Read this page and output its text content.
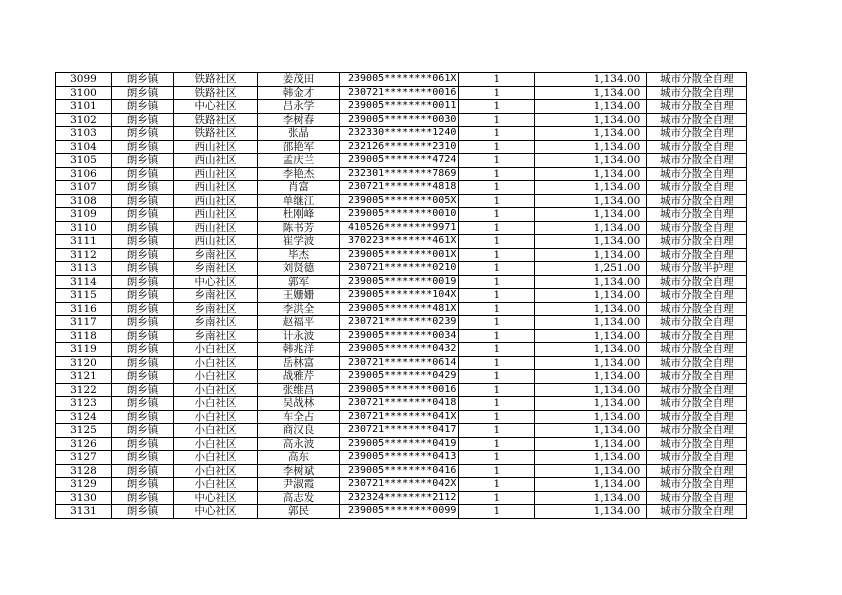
3099	朗乡镇	铁路社区	姜茂田	239005********061X	1	1,134.00	城市分散全自理
3100	朗乡镇	铁路社区	韩金才	230721********0016	1	1,134.00	城市分散全自理
3101	朗乡镇	中心社区	吕永学	239005********0011	1	1,134.00	城市分散全自理
3102	朗乡镇	铁路社区	李树春	239005********0030	1	1,134.00	城市分散全自理
3103	朗乡镇	铁路社区	张晶	232330********1240	1	1,134.00	城市分散全自理
3104	朗乡镇	西山社区	邵艳军	232126********2310	1	1,134.00	城市分散全自理
3105	朗乡镇	西山社区	孟庆兰	239005********4724	1	1,134.00	城市分散全自理
3106	朗乡镇	西山社区	李艳杰	232301********7869	1	1,134.00	城市分散全自理
3107	朗乡镇	西山社区	肖富	230721********4818	1	1,134.00	城市分散全自理
3108	朗乡镇	西山社区	单继江	239005********005X	1	1,134.00	城市分散全自理
3109	朗乡镇	西山社区	杜刚峰	239005********0010	1	1,134.00	城市分散全自理
3110	朗乡镇	西山社区	陈书芳	410526********9971	1	1,134.00	城市分散全自理
3111	朗乡镇	西山社区	崔学波	370223********461X	1	1,134.00	城市分散全自理
3112	朗乡镇	乡南社区	毕杰	239005********001X	1	1,134.00	城市分散全自理
3113	朗乡镇	乡南社区	刘贤德	230721********0210	1	1,251.00	城市分散半护理
3114	朗乡镇	中心社区	郭军	239005********0019	1	1,134.00	城市分散全自理
3115	朗乡镇	乡南社区	王姗姗	239005********104X	1	1,134.00	城市分散全自理
3116	朗乡镇	乡南社区	李洪全	239005********481X	1	1,134.00	城市分散全自理
3117	朗乡镇	乡南社区	赵福平	230721********0239	1	1,134.00	城市分散全自理
3118	朗乡镇	乡南社区	计永波	239005********0034	1	1,134.00	城市分散全自理
3119	朗乡镇	小白社区	韩兆洋	239005********0432	1	1,134.00	城市分散全自理
3120	朗乡镇	小白社区	岳林富	230721********0614	1	1,134.00	城市分散全自理
3121	朗乡镇	小白社区	战雅芹	239005********0429	1	1,134.00	城市分散全自理
3122	朗乡镇	小白社区	张维昌	239005********0016	1	1,134.00	城市分散全自理
3123	朗乡镇	小白社区	吴战林	230721********0418	1	1,134.00	城市分散全自理
3124	朗乡镇	小白社区	车全占	230721********041X	1	1,134.00	城市分散全自理
3125	朗乡镇	小白社区	商汉良	230721********0417	1	1,134.00	城市分散全自理
3126	朗乡镇	小白社区	高永波	239005********0419	1	1,134.00	城市分散全自理
3127	朗乡镇	小白社区	高东	239005********0413	1	1,134.00	城市分散全自理
3128	朗乡镇	小白社区	李树斌	239005********0416	1	1,134.00	城市分散全自理
3129	朗乡镇	小白社区	尹淑霞	230721********042X	1	1,134.00	城市分散全自理
3130	朗乡镇	中心社区	高志发	232324********2112	1	1,134.00	城市分散全自理
3131	朗乡镇	中心社区	郭民	239005********0099	1	1,134.00	城市分散全自理
